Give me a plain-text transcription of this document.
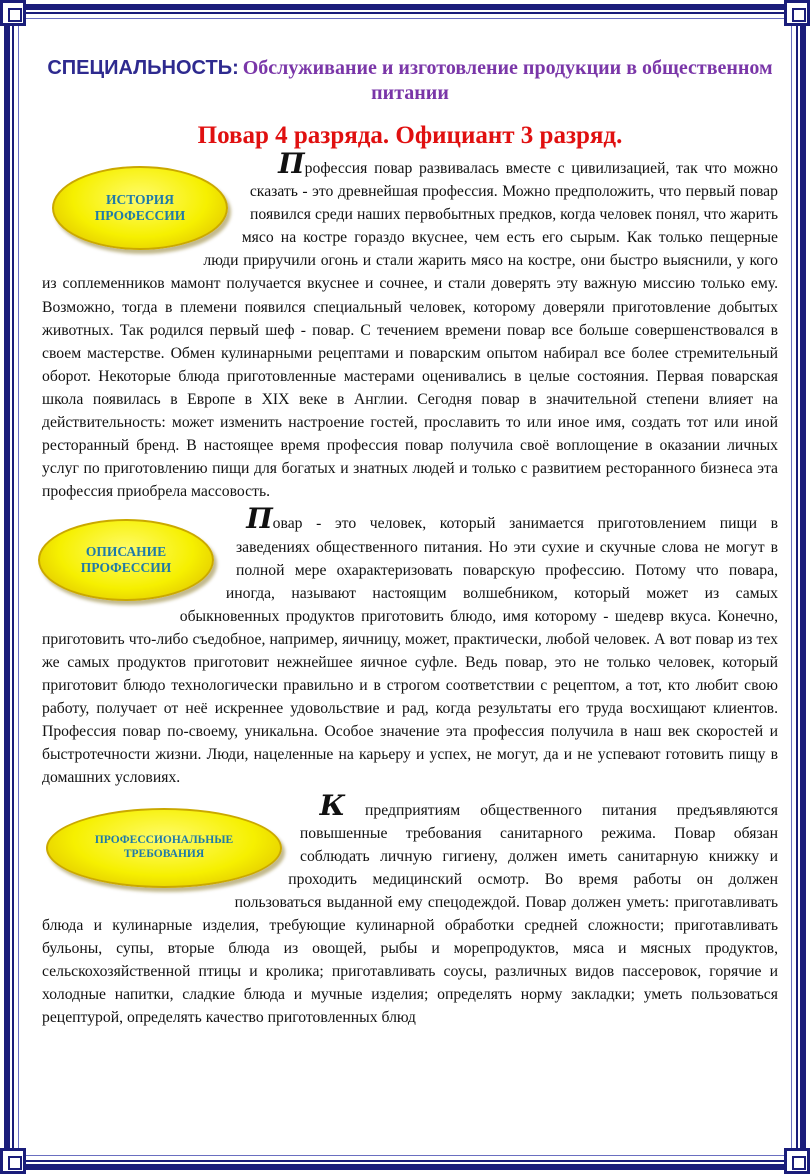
СПЕЦИАЛЬНОСТЬ: Обслуживание и изготовление продукции в общественном питании

Повар 4 разряда. Официант 3 разряд.
ИСТОРИЯ
ПРОФЕССИИ

Профессия повар развивалась вместе с цивилизацией, так что можно сказать - это древнейшая профессия. Можно предположить, что первый повар появился среди наших первобытных предков, когда человек понял, что жарить мясо на костре гораздо вкуснее, чем есть его сырым. Как только пещерные люди приручили огонь и стали жарить мясо на костре, они быстро выяснили, у кого из соплеменников мамонт получается вкуснее и сочнее, и стали доверять эту важную миссию только ему. Возможно, тогда в племени появился специальный человек, которому доверяли приготовление добытых животных. Так родился первый шеф - повар. С течением времени повар все больше совершенствовался в своем мастерстве. Обмен кулинарными рецептами и поварским опытом набирал все более стремительный оборот. Некоторые блюда приготовленные мастерами оценивались в целые состояния. Первая поварская школа появилась в Европе в XIX веке в Англии. Сегодня повар в значительной степени влияет на действительность: может изменить настроение гостей, прославить то или иное имя, создать тот или иной ресторанный бренд. В настоящее время профессия повар получила своё воплощение в оказании личных услуг по приготовлению пищи для богатых и знатных людей и только с развитием ресторанного бизнеса эта профессия приобрела массовость.

ОПИСАНИЕ
ПРОФЕССИИ

Повар - это человек, который занимается приготовлением пищи в заведениях общественного питания. Но эти сухие и скучные слова не могут в полной мере охарактеризовать поварскую профессию. Потому что повара, иногда, называют настоящим волшебником, который может из самых обыкновенных продуктов приготовить блюдо, имя которому - шедевр вкуса. Конечно, приготовить что-либо съедобное, например, яичницу, может, практически, любой человек. А вот повар из тех же самых продуктов приготовит нежнейшее яичное суфле. Ведь повар, это не только человек, который приготовит блюдо технологически правильно и в строгом соответствии с рецептом, а тот, кто любит свою работу, получает от неё искреннее удовольствие и рад, когда результаты его труда восхищают клиентов. Профессия повар по-своему, уникальна. Особое значение эта профессия получила в наш век скоростей и быстротечности жизни. Люди, нацеленные на карьеру и успех, не могут, да и не успевают готовить пищу в домашних условиях.

ПРОФЕССИОНАЛЬНЫЕ
ТРЕБОВАНИЯ

К предприятиям общественного питания предъявляются повышенные требования санитарного режима. Повар обязан соблюдать личную гигиену, должен иметь санитарную книжку и проходить медицинский осмотр. Во время работы он должен пользоваться выданной ему спецодеждой. Повар должен уметь: приготавливать блюда и кулинарные изделия, требующие кулинарной обработки средней сложности; приготавливать бульоны, супы, вторые блюда из овощей, рыбы и морепродуктов, мяса и мясных продуктов, сельскохозяйственной птицы и кролика; приготавливать соусы, различных видов пассеровок, горячие и холодные напитки, сладкие блюда и мучные изделия; определять норму закладки; уметь пользоваться рецептурой, определять качество приготовленных блюд
